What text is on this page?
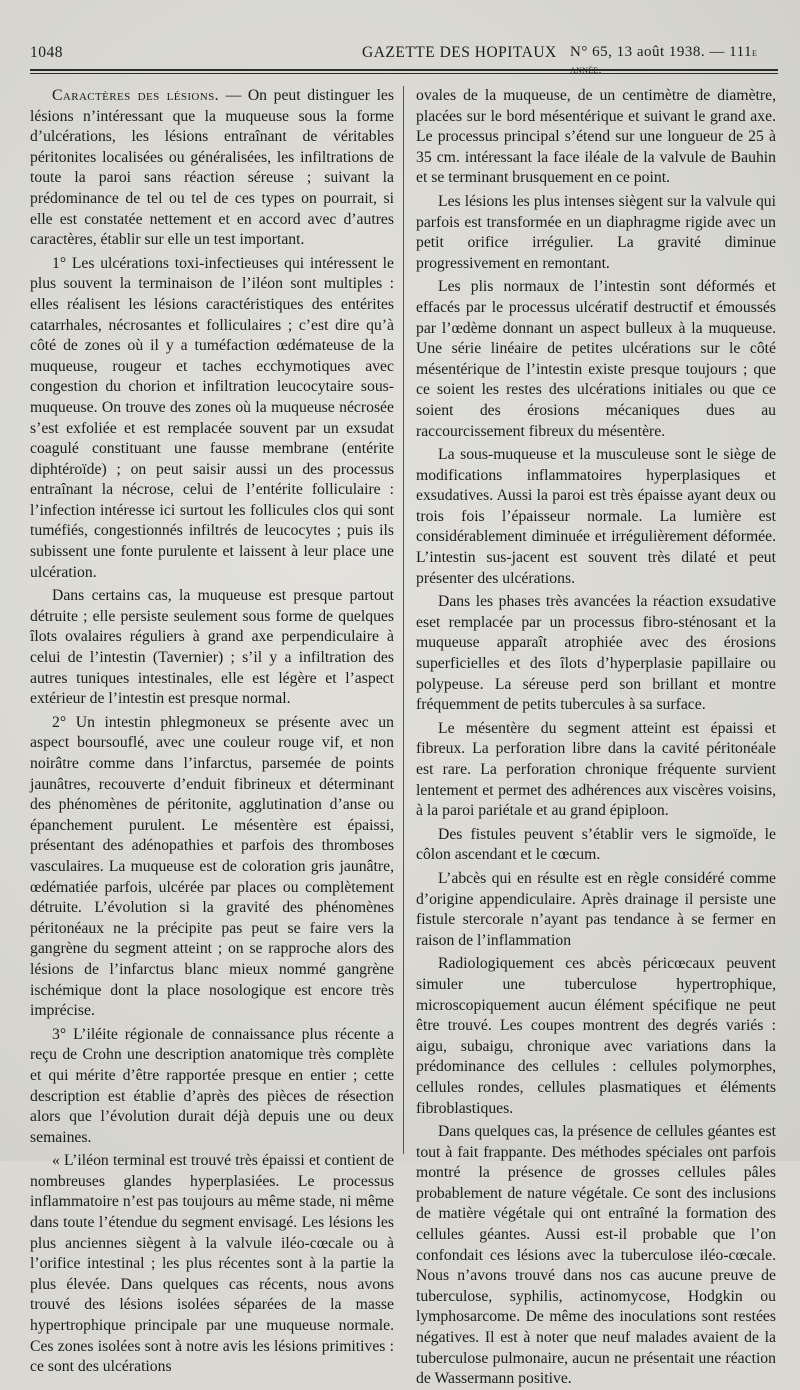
1048	GAZETTE DES HOPITAUX N° 65, 13 août 1938. — 111e année.

Caractères des lésions. — On peut distinguer les lésions n’intéressant que la muqueuse sous la forme d’ulcérations, les lésions entraînant de véritables péritonites localisées ou généralisées, les infiltrations de toute la paroi sans réaction séreuse ; suivant la prédominance de tel ou tel de ces types on pourrait, si elle est constatée nettement et en accord avec d’autres caractères, établir sur elle un test important.

1° Les ulcérations toxi-infectieuses qui intéressent le plus souvent la terminaison de l’iléon sont multiples : elles réalisent les lésions caractéristiques des entérites catarrhales, nécrosantes et folliculaires ; c’est dire qu’à côté de zones où il y a tuméfaction œdémateuse de la muqueuse, rougeur et taches ecchymotiques avec congestion du chorion et infiltration leucocytaire sous-muqueuse. On trouve des zones où la muqueuse nécrosée s’est exfoliée et est remplacée souvent par un exsudat coagulé constituant une fausse membrane (entérite diphtéroïde) ; on peut saisir aussi un des processus entraînant la nécrose, celui de l’entérite folliculaire : l’infection intéresse ici surtout les follicules clos qui sont tuméfiés, congestionnés infiltrés de leucocytes ; puis ils subissent une fonte purulente et laissent à leur place une ulcération.

Dans certains cas, la muqueuse est presque partout détruite ; elle persiste seulement sous forme de quelques îlots ovalaires réguliers à grand axe perpendiculaire à celui de l’intestin (Tavernier) ; s’il y a infiltration des autres tuniques intestinales, elle est légère et l’aspect extérieur de l’intestin est presque normal.

2° Un intestin phlegmoneux se présente avec un aspect boursouflé, avec une couleur rouge vif, et non noirâtre comme dans l’infarctus, parsemée de points jaunâtres, recouverte d’enduit fibrineux et déterminant des phénomènes de péritonite, agglutination d’anse ou épanchement purulent. Le mésentère est épaissi, présentant des adénopathies et parfois des thromboses vasculaires. La muqueuse est de coloration gris jaunâtre, œdématiée parfois, ulcérée par places ou complètement détruite. L’évolution si la gravité des phénomènes péritonéaux ne la précipite pas peut se faire vers la gangrène du segment atteint ; on se rapproche alors des lésions de l’infarctus blanc mieux nommé gangrène ischémique dont la place nosologique est encore très imprécise.

3° L’iléite régionale de connaissance plus récente a reçu de Crohn une description anatomique très complète et qui mérite d’être rapportée presque en entier ; cette description est établie d’après des pièces de résection alors que l’évolution durait déjà depuis une ou deux semaines.

« L’iléon terminal est trouvé très épaissi et contient de nombreuses glandes hyperplasiées. Le processus inflammatoire n’est pas toujours au même stade, ni même dans toute l’étendue du segment envisagé. Les lésions les plus anciennes siègent à la valvule iléo-cœcale ou à l’orifice intestinal ; les plus récentes sont à la partie la plus élevée. Dans quelques cas récents, nous avons trouvé des lésions isolées séparées de la masse hypertrophique principale par une muqueuse normale. Ces zones isolées sont à notre avis les lésions primitives : ce sont des ulcérations

ovales de la muqueuse, de un centimètre de diamètre, placées sur le bord mésentérique et suivant le grand axe. Le processus principal s’étend sur une longueur de 25 à 35 cm. intéressant la face iléale de la valvule de Bauhin et se terminant brusquement en ce point.

Les lésions les plus intenses siègent sur la valvule qui parfois est transformée en un diaphragme rigide avec un petit orifice irrégulier. La gravité diminue progressivement en remontant.

Les plis normaux de l’intestin sont déformés et effacés par le processus ulcératif destructif et émoussés par l’œdème donnant un aspect bulleux à la muqueuse. Une série linéaire de petites ulcérations sur le côté mésentérique de l’intestin existe presque toujours ; que ce soient les restes des ulcérations initiales ou que ce soient des érosions mécaniques dues au raccourcissement fibreux du mésentère.

La sous-muqueuse et la musculeuse sont le siège de modifications inflammatoires hyperplasiques et exsudatives. Aussi la paroi est très épaisse ayant deux ou trois fois l’épaisseur normale. La lumière est considérablement diminuée et irrégulièrement déformée. L’intestin sus-jacent est souvent très dilaté et peut présenter des ulcérations.

Dans les phases très avancées la réaction exsudative eset remplacée par un processus fibro-sténosant et la muqueuse apparaît atrophiée avec des érosions superficielles et des îlots d’hyperplasie papillaire ou polypeuse. La séreuse perd son brillant et montre fréquemment de petits tubercules à sa surface.

Le mésentère du segment atteint est épaissi et fibreux. La perforation libre dans la cavité péritonéale est rare. La perforation chronique fréquente survient lentement et permet des adhérences aux viscères voisins, à la paroi pariétale et au grand épiploon.

Des fistules peuvent s’établir vers le sigmoïde, le côlon ascendant et le cœcum.

L’abcès qui en résulte est en règle considéré comme d’origine appendiculaire. Après drainage il persiste une fistule stercorale n’ayant pas tendance à se fermer en raison de l’inflammation

Radiologiquement ces abcès péricœcaux peuvent simuler une tuberculose hypertrophique, microscopiquement aucun élément spécifique ne peut être trouvé. Les coupes montrent des degrés variés : aigu, subaigu, chronique avec variations dans la prédominance des cellules : cellules polymorphes, cellules rondes, cellules plasmatiques et éléments fibroblastiques.

Dans quelques cas, la présence de cellules géantes est tout à fait frappante. Des méthodes spéciales ont parfois montré la présence de grosses cellules pâles probablement de nature végétale. Ce sont des inclusions de matière végétale qui ont entraîné la formation des cellules géantes. Aussi est-il probable que l’on confondait ces lésions avec la tuberculose iléo-cœcale. Nous n’avons trouvé dans nos cas aucune preuve de tuberculose, syphilis, actinomycose, Hodgkin ou lymphosarcome. De même des inoculations sont restées négatives. Il est à noter que neuf malades avaient de la tuberculose pulmonaire, aucun ne présentait une réaction de Wassermann positive.
